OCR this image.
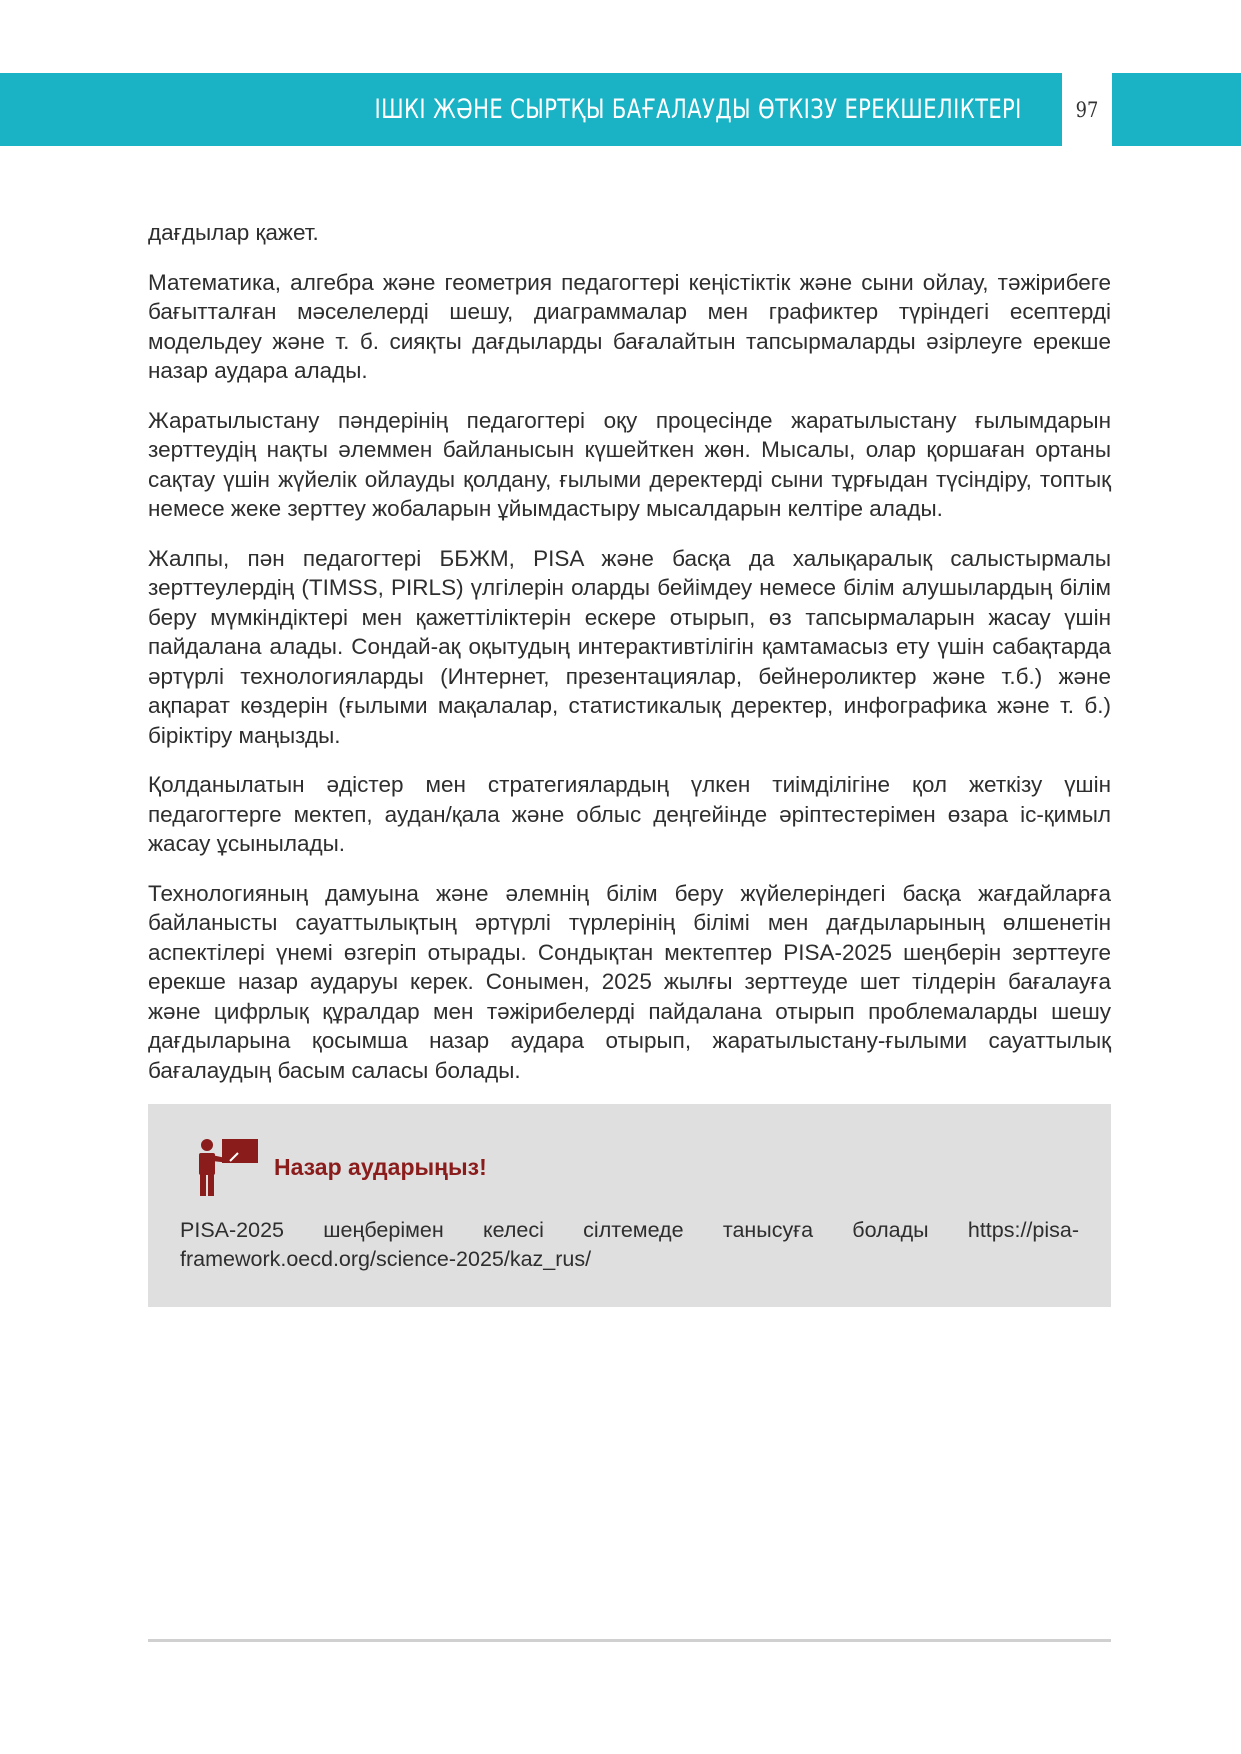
ІШКІ ЖӘНЕ СЫРТҚЫ БАҒАЛАУДЫ ӨТКІЗУ ЕРЕКШЕЛІКТЕРІ	97

дағдылар қажет.

Математика, алгебра және геометрия педагогтері кеңістіктік және сыни ойлау, тәжірибеге бағытталған мәселелерді шешу, диаграммалар мен графиктер түріндегі есептерді модельдеу және т. б. сияқты дағдыларды бағалайтын тапсырмаларды әзірлеуге ерекше назар аудара алады.

Жаратылыстану пәндерінің педагогтері оқу процесінде жаратылыстану ғылымдарын зерттеудің нақты әлеммен байланысын күшейткен жөн. Мысалы, олар қоршаған ортаны сақтау үшін жүйелік ойлауды қолдану, ғылыми деректерді сыни тұрғыдан түсіндіру, топтық немесе жеке зерттеу жобаларын ұйымдастыру мысалдарын келтіре алады.

Жалпы, пән педагогтері ББЖМ, PISA және басқа да халықаралық салыстырмалы зерттеулердің (TIMSS, PIRLS) үлгілерін оларды бейімдеу немесе білім алушылардың білім беру мүмкіндіктері мен қажеттіліктерін ескере отырып, өз тапсырмаларын жасау үшін пайдалана алады. Сондай-ақ оқытудың интерактивтілігін қамтамасыз ету үшін сабақтарда әртүрлі технологияларды (Интернет, презентациялар, бейнероликтер және т.б.) және ақпарат көздерін (ғылыми мақалалар, статистикалық деректер, инфографика және т. б.) біріктіру маңызды.

Қолданылатын әдістер мен стратегиялардың үлкен тиімділігіне қол жеткізу үшін педагогтерге мектеп, аудан/қала және облыс деңгейінде әріптестерімен өзара іс-қимыл жасау ұсынылады.

Технологияның дамуына және әлемнің білім беру жүйелеріндегі басқа жағдайларға байланысты сауаттылықтың әртүрлі түрлерінің білімі мен дағдыларының өлшенетін аспектілері үнемі өзгеріп отырады. Сондықтан мектептер PISA-2025 шеңберін зерттеуге ерекше назар аударуы керек. Сонымен, 2025 жылғы зерттеуде шет тілдерін бағалауға және цифрлық құралдар мен тәжірибелерді пайдалана отырып проблемаларды шешу дағдыларына қосымша назар аудара отырып, жаратылыстану-ғылыми сауаттылық бағалаудың басым саласы болады.

Назар аударыңыз!

PISA-2025 шеңберімен келесі сілтемеде танысуға болады https://pisa-framework.oecd.org/science-2025/kaz_rus/
